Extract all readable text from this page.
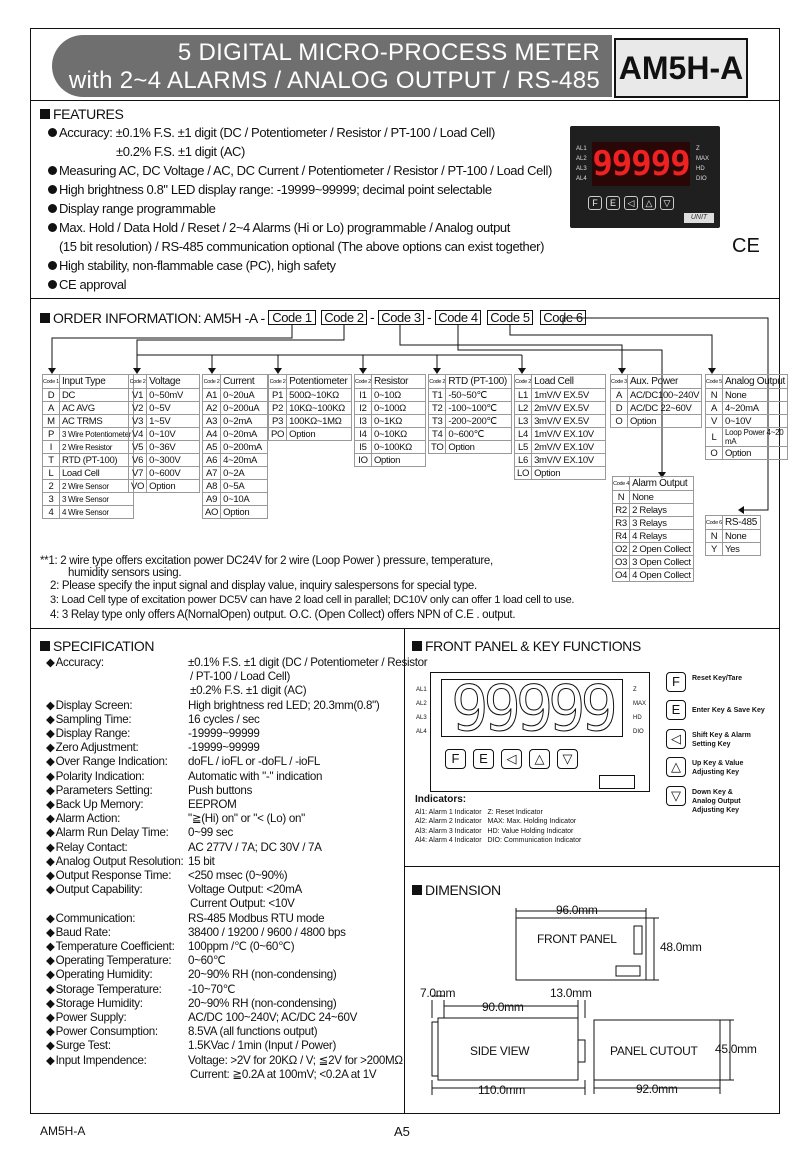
5 DIGITAL MICRO-PROCESS METER
with 2~4 ALARMS / ANALOG OUTPUT / RS-485 AM5H-A
FEATURES
Accuracy: ±0.1% F.S. ±1 digit (DC / Potentiometer / Resistor / PT-100 / Load Cell)
±0.2% F.S. ±1 digit (AC)
Measuring AC, DC Voltage / AC, DC Current / Potentiometer / Resistor / PT-100 / Load Cell)
High brightness 0.8" LED display range: -19999~99999; decimal point selectable
Display range programmable
Max. Hold / Data Hold / Reset / 2~4 Alarms (Hi or Lo) programmable / Analog output
(15 bit resolution) / RS-485 communication optional (The above options can exist together)
High stability, non-flammable case (PC), high safety
CE approval
AL1
AL2
AL3
AL4 99999 Z
MAX
HD
DIO
F	E	◁	△	▽
UNIT
CE
ORDER INFORMATION: AM5H -A - Code 1 Code 2 - Code 3 - Code 4 Code 5 Code 6
Code 1	Input Type
D	DC
A	AC AVG
M	AC TRMS
P	3 Wire Potentiometer
I	2 Wire Resistor
T	RTD (PT-100)
L	Load Cell
2	2 Wire Sensor
3	3 Wire Sensor
4	4 Wire Sensor
Code 2	Voltage
V1	0~50mV
V2	0~5V
V3	1~5V
V4	0~10V
V5	0~36V
V6	0~300V
V7	0~600V
VO	Option
Code 2	Current
A1	0~20uA
A2	0~200uA
A3	0~2mA
A4	0~20mA
A5	0~200mA
A6	4~20mA
A7	0~2A
A8	0~5A
A9	0~10A
AO	Option
Code 2	Potentiometer
P1	500Ω~10KΩ
P2	10KΩ~100KΩ
P3	100KΩ~1MΩ
PO	Option
Code 2	Resistor
I1	0~10Ω
I2	0~100Ω
I3	0~1KΩ
I4	0~10KΩ
I5	0~100KΩ
IO	Option
Code 2	RTD (PT-100)
T1	-50~50℃
T2	-100~100℃
T3	-200~200℃
T4	0~600℃
TO	Option
Code 2	Load Cell
L1	1mV/V EX.5V
L2	2mV/V EX.5V
L3	3mV/V EX.5V
L4	1mV/V EX.10V
L5	2mV/V EX.10V
L6	3mV/V EX.10V
LO	Option
Code 3	Aux. Power
A	AC/DC100~240V
D	AC/DC 22~60V
O	Option
Code 4	Alarm Output
N	None
R2	2 Relays
R3	3 Relays
R4	4 Relays
O2	2 Open Collect
O3	3 Open Collect
O4	4 Open Collect
Code 5	Analog Output
N	None
A	4~20mA
V	0~10V
L	Loop Power 4~20 mA
O	Option
Code 6	RS-485
N	None
Y	Yes
**1: 2 wire type offers excitation power DC24V for 2 wire (Loop Power ) pressure, temperature,
humidity sensors using.
2: Please specify the input signal and display value, inquiry salespersons for special type.
3: Load Cell type of excitation power DC5V can have 2 load cell in parallel; DC10V only can offer 1 load cell to use.
4: 3 Relay type only offers A(NornalOpen) output. O.C. (Open Collect) offers NPN of C.E . output.
SPECIFICATION
◆ Accuracy:	±0.1% F.S. ±1 digit (DC / Potentiometer / Resistor
/ PT-100 / Load Cell)
±0.2% F.S. ±1 digit (AC)
◆ Display Screen:	High brightness red LED; 20.3mm(0.8")
◆ Sampling Time:	16 cycles / sec
◆ Display Range:	-19999~99999
◆ Zero Adjustment:	-19999~99999
◆ Over Range Indication:	doFL / ioFL or -doFL / -ioFL
◆ Polarity Indication:	Automatic with "-" indication
◆ Parameters Setting:	Push buttons
◆ Back Up Memory:	EEPROM
◆ Alarm Action:	"≧(Hi) on" or "< (Lo) on"
◆ Alarm Run Delay Time:	0~99 sec
◆ Relay Contact:	AC 277V / 7A; DC 30V / 7A
◆ Analog Output Resolution: 15 bit
◆ Output Response Time:	<250 msec (0~90%)
◆ Output Capability:	Voltage Output: <20mA
Current Output: <10V
◆ Communication:	RS-485 Modbus RTU mode
◆ Baud Rate:	38400 / 19200 / 9600 / 4800 bps
◆ Temperature Coefficient:	100ppm /℃ (0~60℃)
◆ Operating Temperature:	0~60℃
◆ Operating Humidity:	20~90% RH (non-condensing)
◆ Storage Temperature:	-10~70℃
◆ Storage Humidity:	20~90% RH (non-condensing)
◆ Power Supply:	AC/DC 100~240V; AC/DC 24~60V
◆ Power Consumption:	8.5VA (all functions output)
◆ Surge Test:	1.5KVac / 1min (Input / Power)
◆ Input Impendence:	Voltage: >2V for 20KΩ / V; ≦2V for >200MΩ
Current: ≧0.2A at 100mV; <0.2A at 1V
FRONT PANEL & KEY FUNCTIONS
AL1
AL2
AL3
AL4 99999	Z
MAX
HD
DIO
F	E	◁	△	▽
F	Reset Key/Tare
E	Enter Key & Save Key
◁	Shift Key & Alarm Setting Key
△	Up Key & Value Adjusting Key
▽	Down Key & Analog Output Adjusting Key
Indicators:
Al1: Alarm 1 Indicator
Al2: Alarm 2 Indicator
Al3: Alarm 3 Indicator
Al4: Alarm 4 Indicator
Z: Reset Indicator
MAX: Max. Holding Indicator
HD: Value Holding Indicator
DIO: Communication Indicator
DIMENSION
96.0mm
48.0mm
FRONT PANEL
7.0mm
90.0mm
13.0mm
SIDE VIEW
110.0mm
PANEL CUTOUT 45.0mm
92.0mm
AM5H-A	A5
